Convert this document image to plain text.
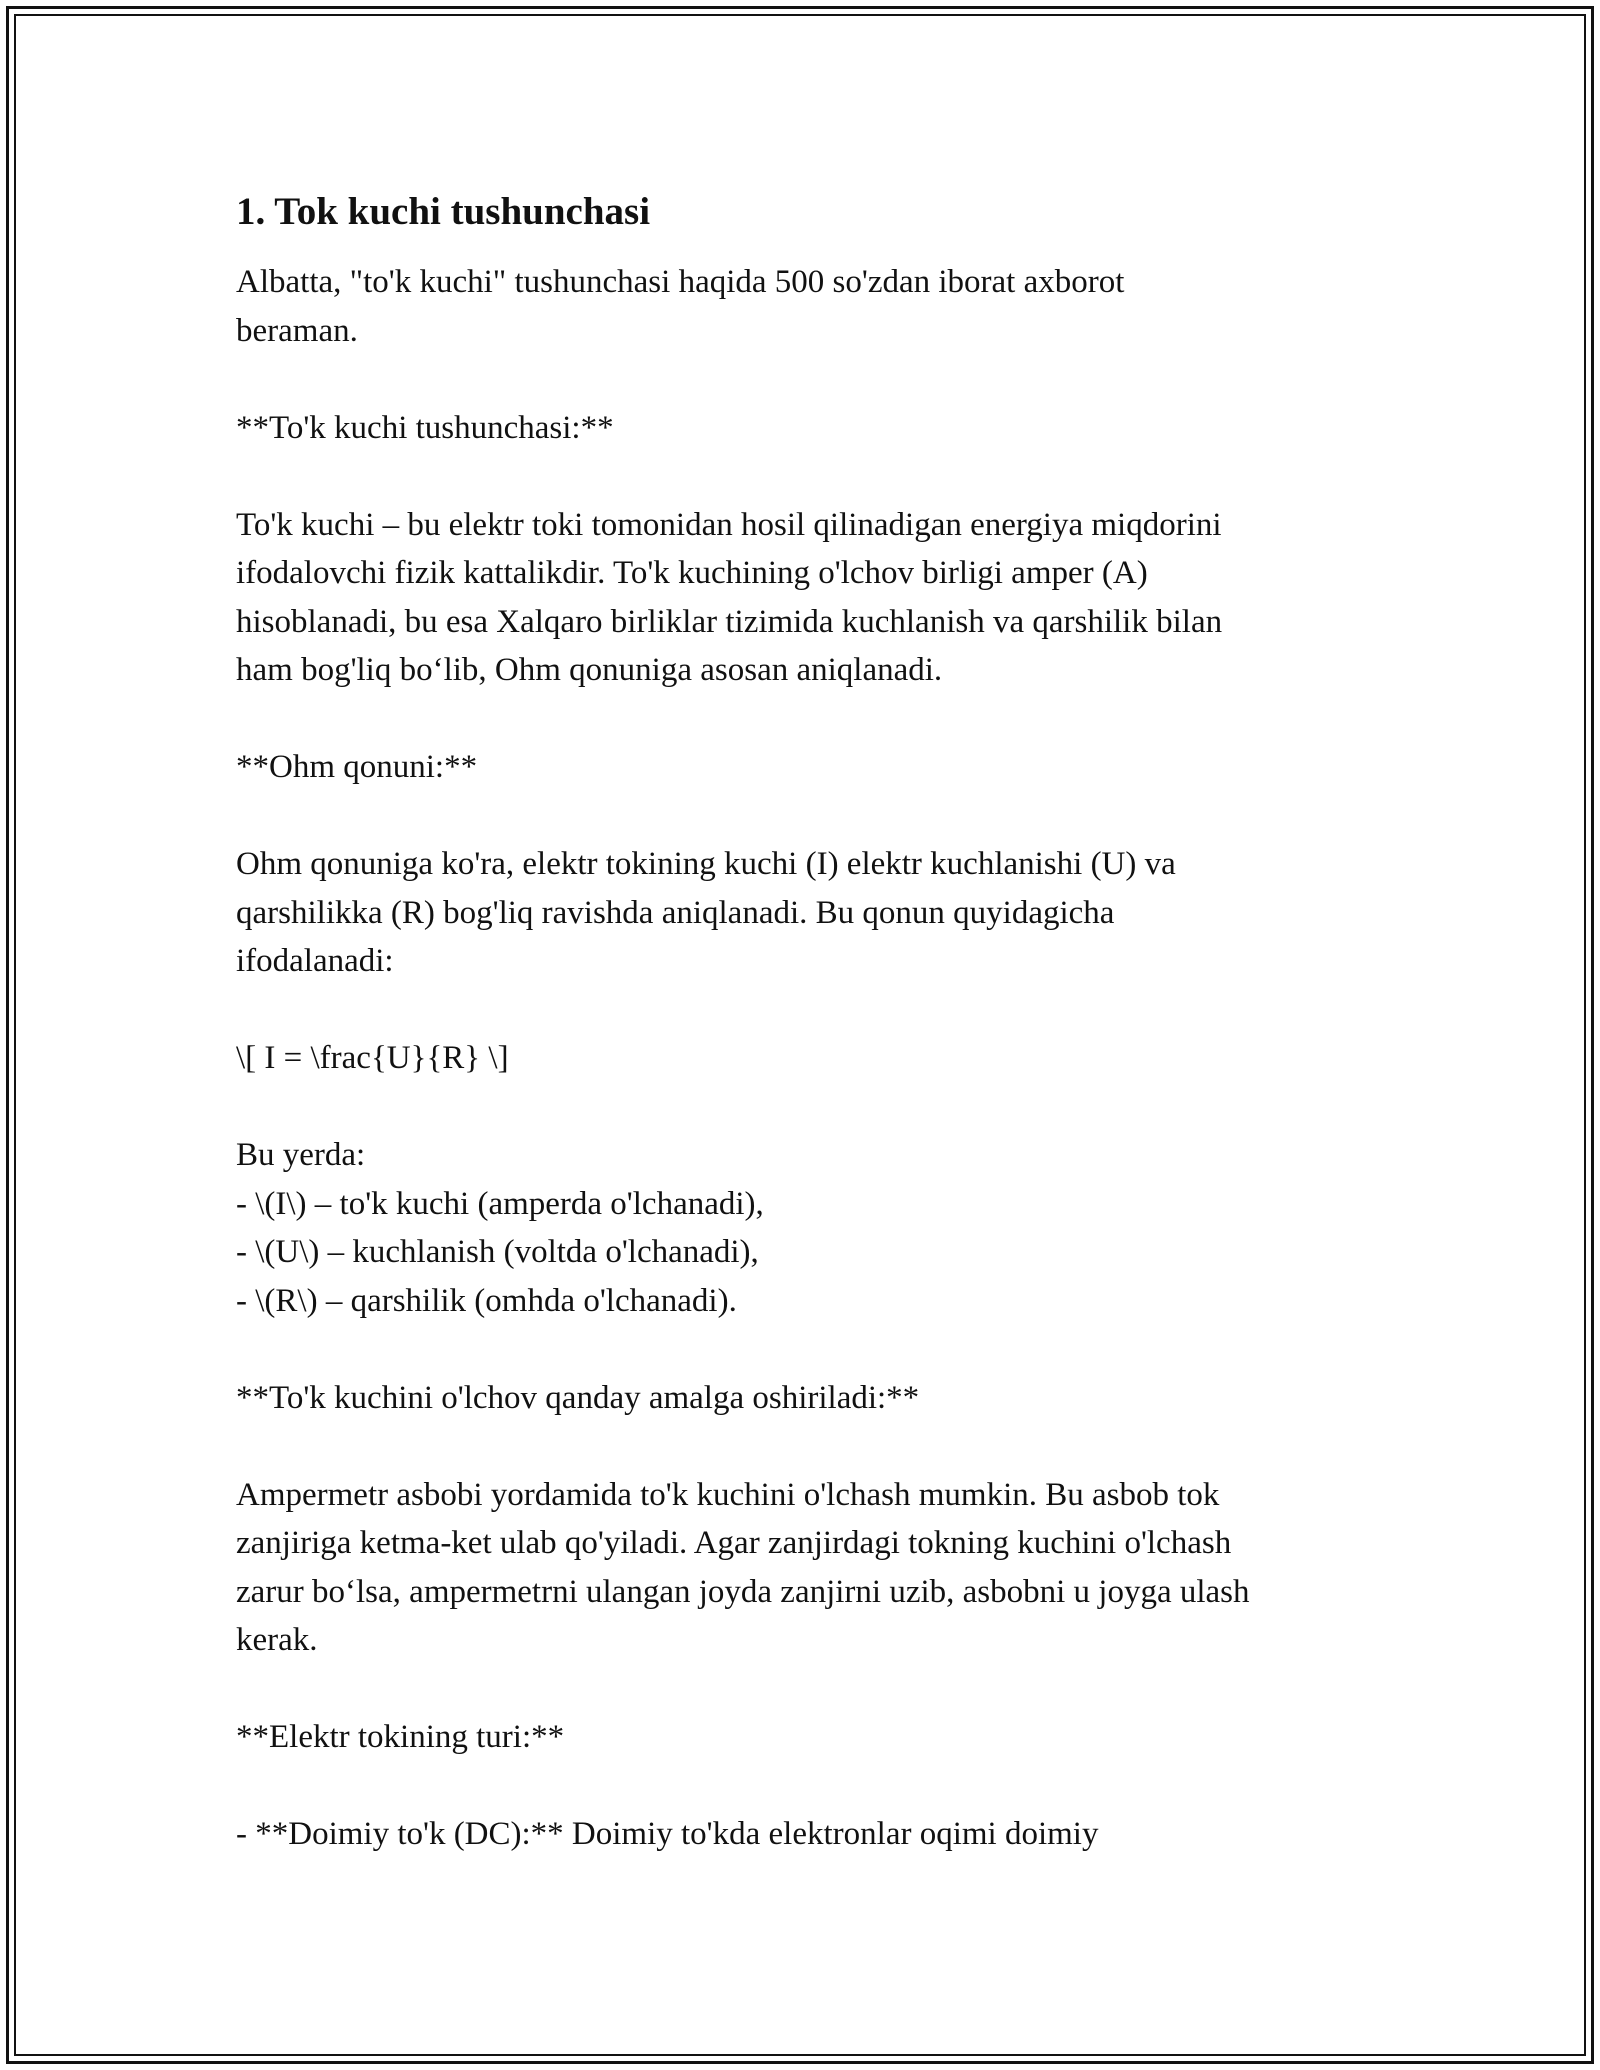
1. Tok kuchi tushunchasi
Albatta, "to'k kuchi" tushunchasi haqida 500 so'zdan iborat axborot
beraman.
**To'k kuchi tushunchasi:**
To'k kuchi – bu elektr toki tomonidan hosil qilinadigan energiya miqdorini
ifodalovchi fizik kattalikdir. To'k kuchining o'lchov birligi amper (A)
hisoblanadi, bu esa Xalqaro birliklar tizimida kuchlanish va qarshilik bilan
ham bog'liq bo‘lib, Ohm qonuniga asosan aniqlanadi.
**Ohm qonuni:**
Ohm qonuniga ko'ra, elektr tokining kuchi (I) elektr kuchlanishi (U) va
qarshilikka (R) bog'liq ravishda aniqlanadi. Bu qonun quyidagicha
ifodalanadi:
\[ I = \frac{U}{R} \]
Bu yerda:
- \(I\) – to'k kuchi (amperda o'lchanadi),
- \(U\) – kuchlanish (voltda o'lchanadi),
- \(R\) – qarshilik (omhda o'lchanadi).
**To'k kuchini o'lchov qanday amalga oshiriladi:**
Ampermetr asbobi yordamida to'k kuchini o'lchash mumkin. Bu asbob tok
zanjiriga ketma-ket ulab qo'yiladi. Agar zanjirdagi tokning kuchini o'lchash
zarur bo‘lsa, ampermetrni ulangan joyda zanjirni uzib, asbobni u joyga ulash
kerak.
**Elektr tokining turi:**
- **Doimiy to'k (DC):** Doimiy to'kda elektronlar oqimi doimiy
